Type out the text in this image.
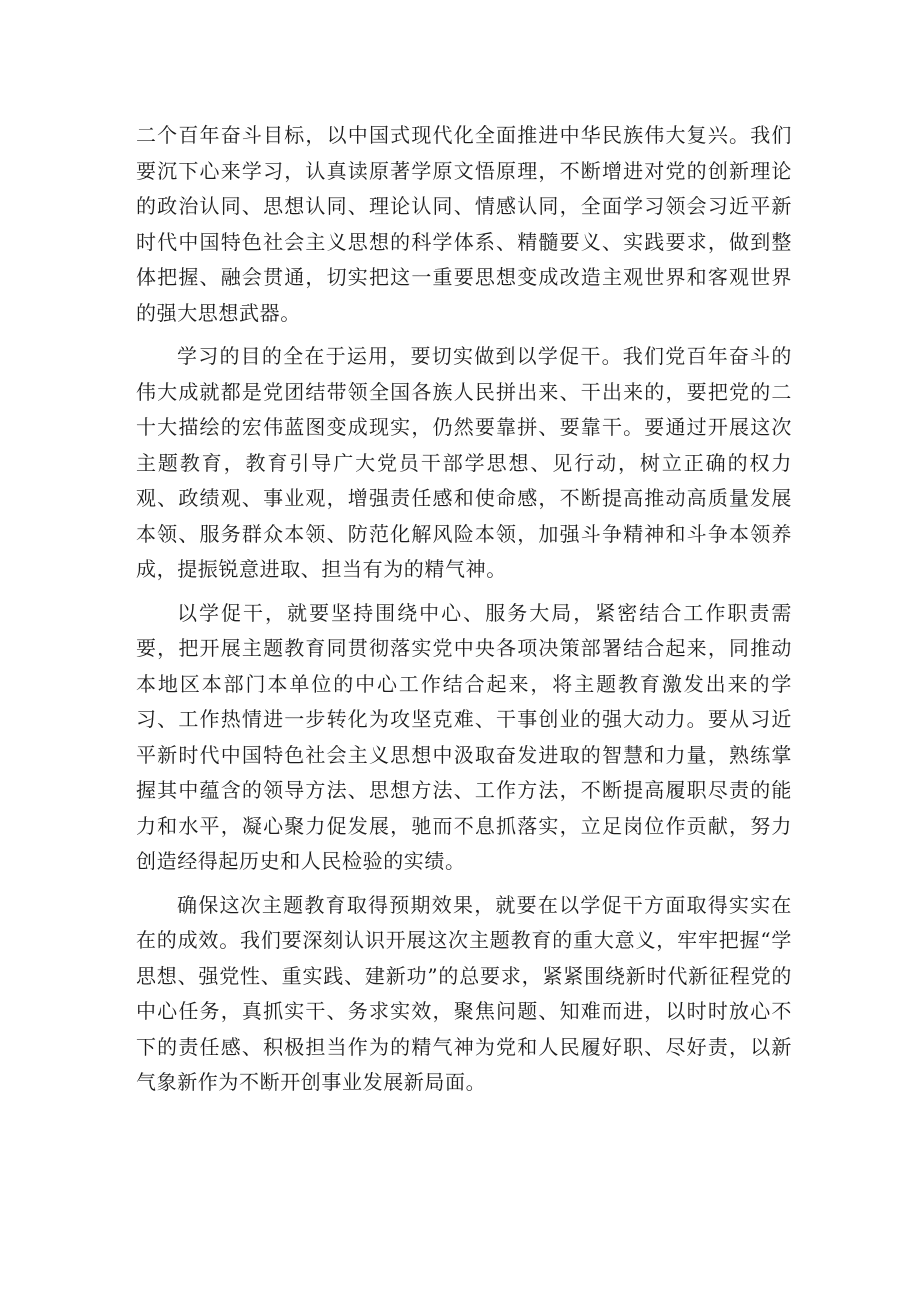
二个百年奋斗目标，以中国式现代化全面推进中华民族伟大复兴。我们要沉下心来学习，认真读原著学原文悟原理，不断增进对党的创新理论的政治认同、思想认同、理论认同、情感认同，全面学习领会习近平新时代中国特色社会主义思想的科学体系、精髓要义、实践要求，做到整体把握、融会贯通，切实把这一重要思想变成改造主观世界和客观世界的强大思想武器。

学习的目的全在于运用，要切实做到以学促干。我们党百年奋斗的伟大成就都是党团结带领全国各族人民拼出来、干出来的，要把党的二十大描绘的宏伟蓝图变成现实，仍然要靠拼、要靠干。要通过开展这次主题教育，教育引导广大党员干部学思想、见行动，树立正确的权力观、政绩观、事业观，增强责任感和使命感，不断提高推动高质量发展本领、服务群众本领、防范化解风险本领，加强斗争精神和斗争本领养成，提振锐意进取、担当有为的精气神。

以学促干，就要坚持围绕中心、服务大局，紧密结合工作职责需要，把开展主题教育同贯彻落实党中央各项决策部署结合起来，同推动本地区本部门本单位的中心工作结合起来，将主题教育激发出来的学习、工作热情进一步转化为攻坚克难、干事创业的强大动力。要从习近平新时代中国特色社会主义思想中汲取奋发进取的智慧和力量，熟练掌握其中蕴含的领导方法、思想方法、工作方法，不断提高履职尽责的能力和水平，凝心聚力促发展，驰而不息抓落实，立足岗位作贡献，努力创造经得起历史和人民检验的实绩。

确保这次主题教育取得预期效果，就要在以学促干方面取得实实在在的成效。我们要深刻认识开展这次主题教育的重大意义，牢牢把握“学思想、强党性、重实践、建新功”的总要求，紧紧围绕新时代新征程党的中心任务，真抓实干、务求实效，聚焦问题、知难而进，以时时放心不下的责任感、积极担当作为的精气神为党和人民履好职、尽好责，以新气象新作为不断开创事业发展新局面。
